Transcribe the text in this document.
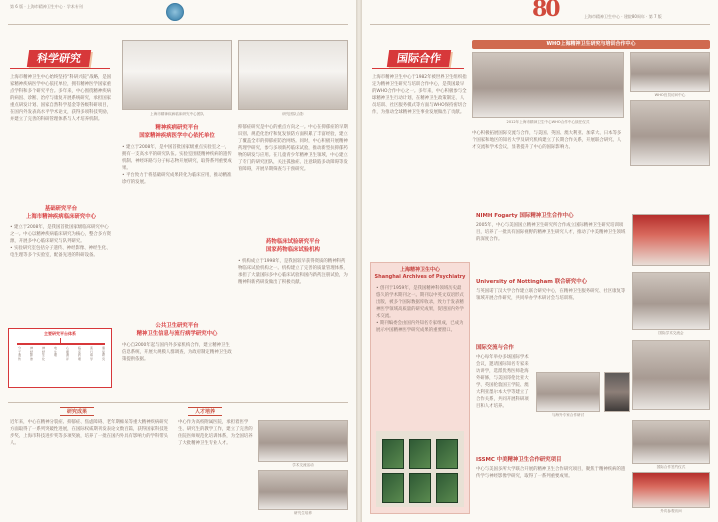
第 6 版 · 上海市精神卫生中心 · 学术专刊
科学研究
上海市精神卫生中心始终坚持“科研兴院”战略，是国家精神疾病医学中心依托单位，拥有精神医学国家重点学科和多个研究平台。多年来，中心围绕精神疾病的病因、诊断、治疗与康复开展系统研究，承担国家重点研发计划、国家自然科学基金等各级科研项目，在国内外发表高水平学术论文，获得多项科技奖励，并建立了完善的科研管理体系与人才培养机制。
基础研究平台
上海市精神疾病临床研究中心
• 建立于2008年，是我国首批国家级临床研究中心之一。中心以精神疾病临床研究为核心，整合多方资源，开展多中心临床研究与队列研究。
• 实验研究室包括分子遗传、神经影像、神经生化、电生理等多个实验室，配备先进的科研设备。
主要研究平台体系
分子遗传
神经影像
神经生化
电生理
心理测评
临床药理
流行病学
康复研究
上海市精神疾病临床研究中心团队	研究团队合影
精神疾病研究平台
国家精神疾病医学中心依托单位
• 建立于2008年，是中国首批国家级重点实验室之一，拥有一支高水平的研究队伍。实验室围绕精神疾病的遗传机制、神经环路与分子标志物开展研究，取得系列重要成果。
• 平台致力于将基础研究成果转化为临床应用，推动精准诊疗的发展。
公共卫生研究平台
精神卫生信息与流行病学研究中心
中心自2000年起与国内外多家机构合作，建立精神卫生信息系统，开展大规模人群调查，为政府制定精神卫生政策提供依据。
抑郁症研究是中心的重点方向之一。中心在抑郁症的早期识别、规范化治疗和复发预防方面积累了丰富经验，建立了覆盖全市的抑郁症防治网络。同时，中心积极开展精神药理学研究，参与多项新药临床试验，推动新型抗抑郁药物的研发与应用。在儿童青少年精神卫生领域，中心建立了专门的研究团队，关注孤独症、注意缺陷多动障碍等发育障碍，开展早期筛查与干预研究。
药物临床试验研究平台
国家药物临床试验机构
• 机构成立于1998年，是我国较早获得资质的精神科药物临床试验机构之一。机构建立了完善的质量管理体系，承担了大量国际多中心临床试验和国内新药注册试验，为精神科新药研发做出了积极贡献。
研究成果
近年来，中心在精神分裂症、抑郁症、焦虑障碍、老年期痴呆等重大精神疾病研究方面取得了一系列突破性进展，在国际权威期刊发表论文数百篇，获得国家科技进步奖、上海市科技进步奖等多项奖励，培养了一批在国内外具有影响力的学科带头人。
人才培养
中心作为高校附属医院，承担着医学生、研究生的教学工作，建立了完善的住院医师规范化培训体系，为全国培养了大批精神卫生专业人才。
学术交流活动
研究生培养
80	上海市精神卫生中心 · 建院80周年 · 第 7 版
国际合作
WHO上海精神卫生研究与培训合作中心
2012年上海市精神卫生中心WHO合作中心续任仪式
WHO官员访问中心
上海市精神卫生中心于1982年被世界卫生组织指定为精神卫生研究与培训合作中心，是我国最早的WHO合作中心之一。多年来，中心积极参与全球精神卫生行动计划，在精神卫生政策制定、人员培训、社区服务模式等方面与WHO保持密切合作，为推动全球精神卫生事业发展做出了贡献。
中心积极拓展国际交流与合作，与美国、英国、澳大利亚、加拿大、日本等多个国家和地区的知名大学及研究机构建立了长期合作关系，开展联合研究、人才交流和学术会议，显著提升了中心的国际影响力。
上海精神卫生中心
Shanghai Archives of Psychiatry
• 创刊于1959年，是我国精神科领域历史最悠久的学术期刊之一。期刊以中英文双语形式出版，被多个国际数据库收录，致力于发表精神医学领域高质量的研究成果，促进国内外学术交流。
• 期刊编委会由国内外知名专家组成，已成为展示中国精神医学研究成果的重要窗口。
NIMH Fogarty 国际精神卫生合作中心
2005年，中心与美国国立精神卫生研究所合作成立国际精神卫生研究培训项目，培养了一批具有国际视野的精神卫生研究人才，推动了中美精神卫生领域的深度合作。
University of Nottingham 联合研究中心
与英国诺丁汉大学合作建立联合研究中心，在精神卫生服务研究、社区康复等领域开展合作研究，共同举办学术研讨会与培训班。
国际学术交流会
国际交流与合作
中心每年举办多场国际学术会议，邀请国际知名专家来访讲学，选派优秀医师赴海外研修，与美国哥伦比亚大学、英国伦敦国王学院、澳大利亚墨尔本大学等建立了合作关系，共同开展科研项目和人才培养。
与海外专家合作研讨
ISSMC 中美精神卫生合作研究项目
中心与美国多所大学联合开展的精神卫生合作研究项目，聚焦于精神疾病的遗传学与神经影像学研究，取得了一系列重要成果。
国际合作签约仪式
外宾参观访问
